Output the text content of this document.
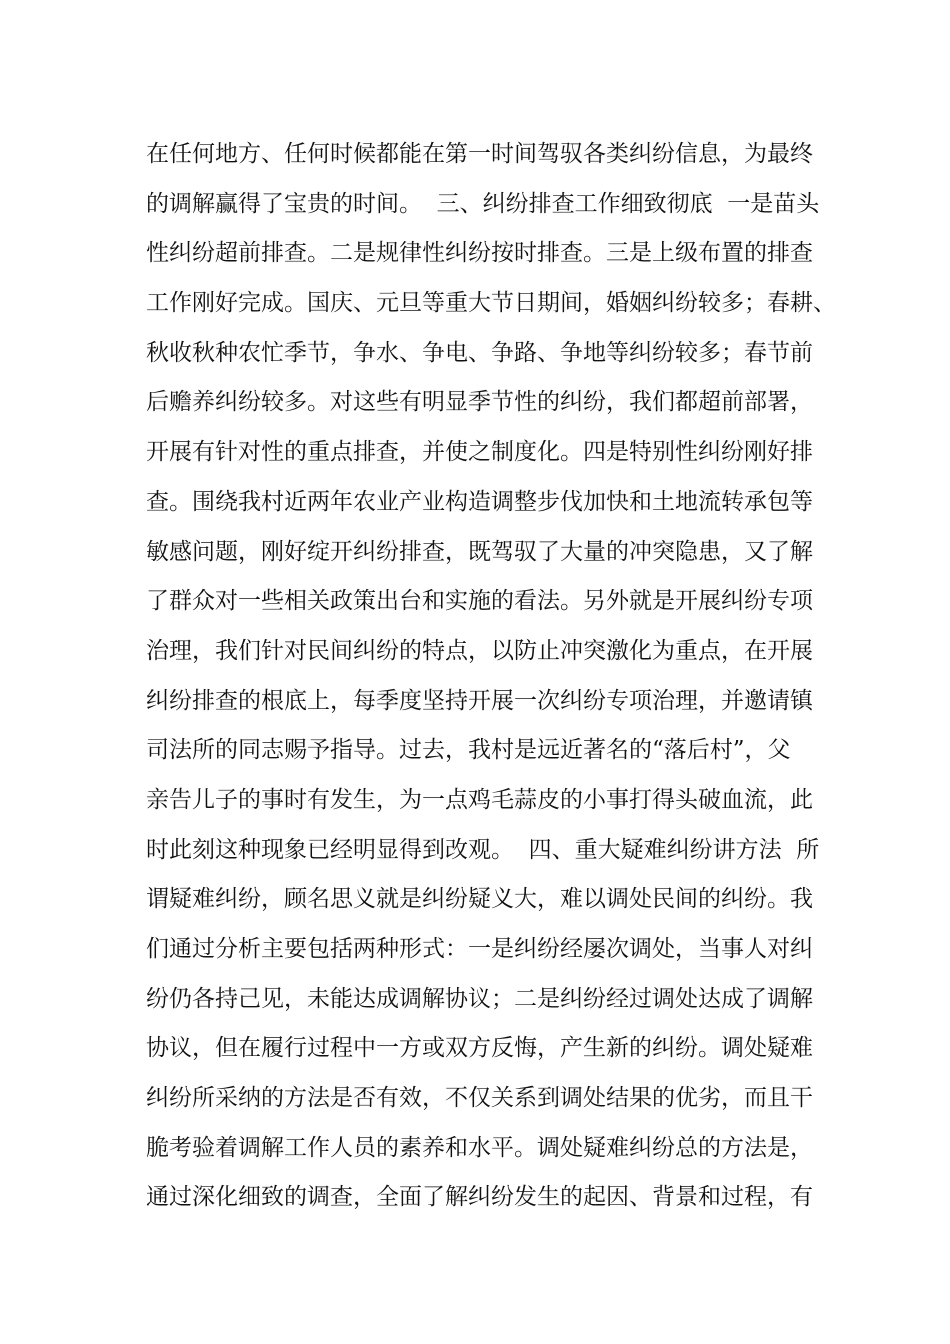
在任何地方、任何时候都能在第一时间驾驭各类纠纷信息，为最终
的调解赢得了宝贵的时间。  三、纠纷排查工作细致彻底  一是苗头
性纠纷超前排查。二是规律性纠纷按时排查。三是上级布置的排查
工作刚好完成。国庆、元旦等重大节日期间，婚姻纠纷较多；春耕、
秋收秋种农忙季节，争水、争电、争路、争地等纠纷较多；春节前
后赡养纠纷较多。对这些有明显季节性的纠纷，我们都超前部署，
开展有针对性的重点排查，并使之制度化。四是特别性纠纷刚好排
查。围绕我村近两年农业产业构造调整步伐加快和土地流转承包等
敏感问题，刚好绽开纠纷排查，既驾驭了大量的冲突隐患，又了解
了群众对一些相关政策出台和实施的看法。另外就是开展纠纷专项
治理，我们针对民间纠纷的特点，以防止冲突激化为重点，在开展
纠纷排查的根底上，每季度坚持开展一次纠纷专项治理，并邀请镇
司法所的同志赐予指导。过去，我村是远近著名的“落后村”，父
亲告儿子的事时有发生，为一点鸡毛蒜皮的小事打得头破血流，此
时此刻这种现象已经明显得到改观。  四、重大疑难纠纷讲方法  所
谓疑难纠纷，顾名思义就是纠纷疑义大，难以调处民间的纠纷。我
们通过分析主要包括两种形式：一是纠纷经屡次调处，当事人对纠
纷仍各持己见，未能达成调解协议；二是纠纷经过调处达成了调解
协议，但在履行过程中一方或双方反悔，产生新的纠纷。调处疑难
纠纷所采纳的方法是否有效，不仅关系到调处结果的优劣，而且干
脆考验着调解工作人员的素养和水平。调处疑难纠纷总的方法是，
通过深化细致的调查，全面了解纠纷发生的起因、背景和过程，有
